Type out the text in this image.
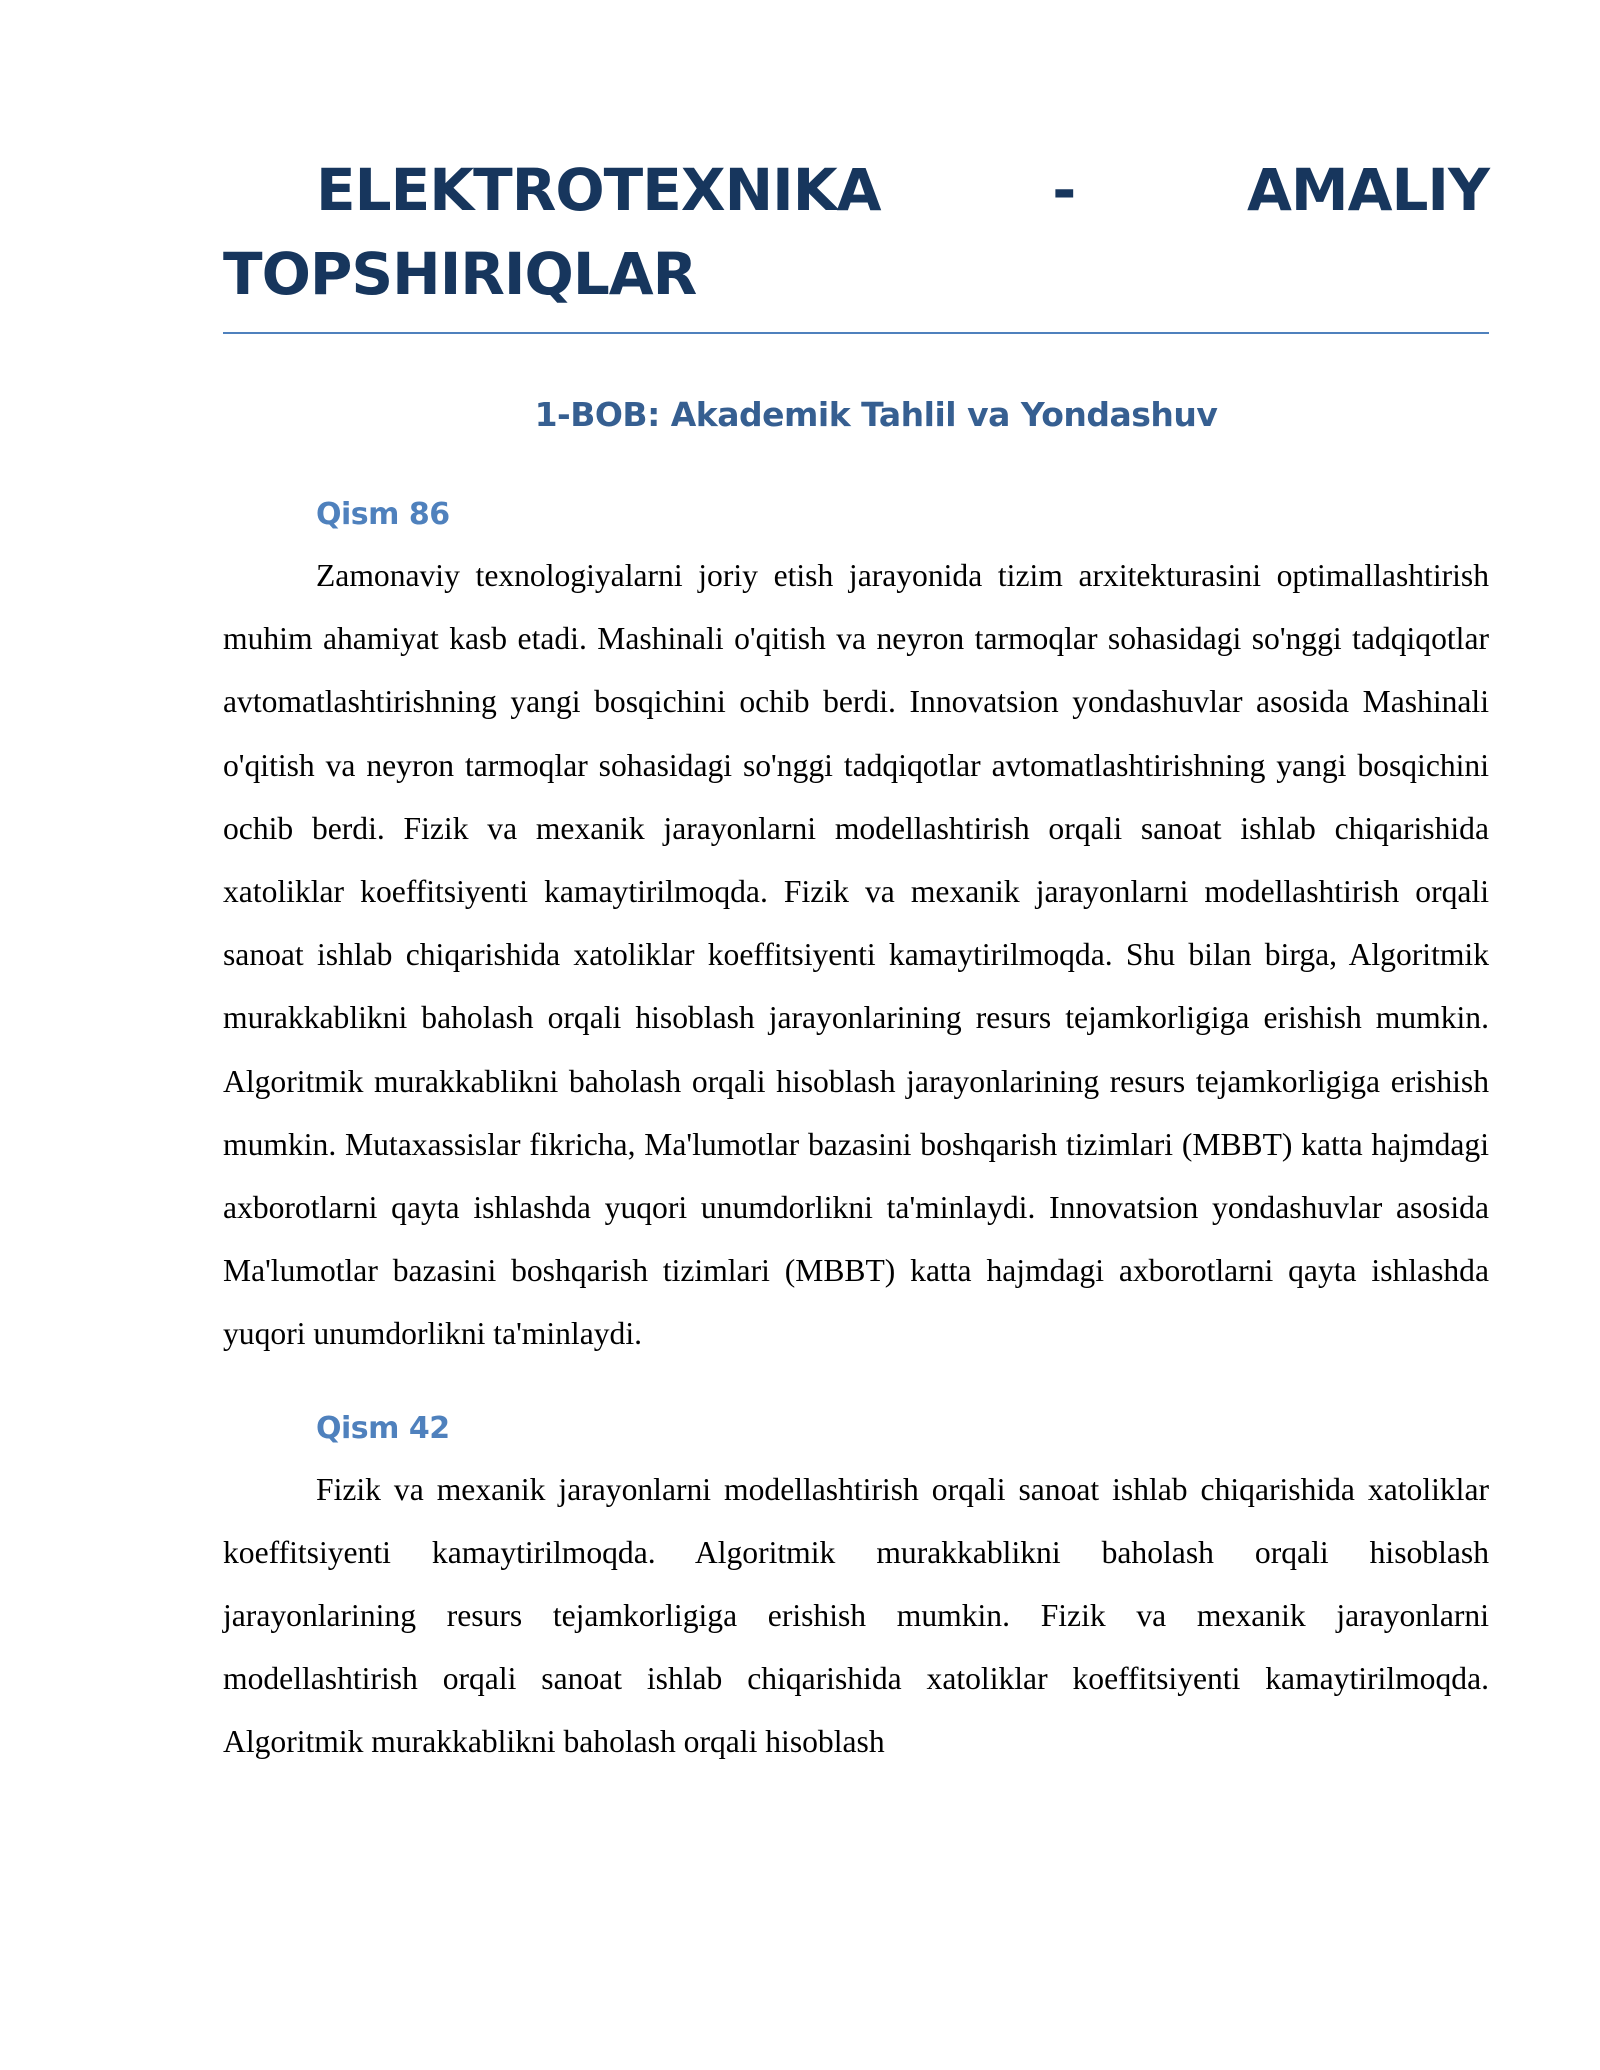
ELEKTROTEXNIKA - AMALIY TOPSHIRIQLAR
1-BOB: Akademik Tahlil va Yondashuv
Qism 86

Zamonaviy texnologiyalarni joriy etish jarayonida tizim arxitekturasini optimallashtirish muhim ahamiyat kasb etadi. Mashinali o'qitish va neyron tarmoqlar sohasidagi so'nggi tadqiqotlar avtomatlashtirishning yangi bosqichini ochib berdi. Innovatsion yondashuvlar asosida Mashinali o'qitish va neyron tarmoqlar sohasidagi so'nggi tadqiqotlar avtomatlashtirishning yangi bosqichini ochib berdi. Fizik va mexanik jarayonlarni modellashtirish orqali sanoat ishlab chiqarishida xatoliklar koeffitsiyenti kamaytirilmoqda. Fizik va mexanik jarayonlarni modellashtirish orqali sanoat ishlab chiqarishida xatoliklar koeffitsiyenti kamaytirilmoqda. Shu bilan birga, Algoritmik murakkablikni baholash orqali hisoblash jarayonlarining resurs tejamkorligiga erishish mumkin. Algoritmik murakkablikni baholash orqali hisoblash jarayonlarining resurs tejamkorligiga erishish mumkin. Mutaxassislar fikricha, Ma'lumotlar bazasini boshqarish tizimlari (MBBT) katta hajmdagi axborotlarni qayta ishlashda yuqori unumdorlikni ta'minlaydi. Innovatsion yondashuvlar asosida Ma'lumotlar bazasini boshqarish tizimlari (MBBT) katta hajmdagi axborotlarni qayta ishlashda yuqori unumdorlikni ta'minlaydi.

Qism 42

Fizik va mexanik jarayonlarni modellashtirish orqali sanoat ishlab chiqarishida xatoliklar koeffitsiyenti kamaytirilmoqda. Algoritmik murakkablikni baholash orqali hisoblash jarayonlarining resurs tejamkorligiga erishish mumkin. Fizik va mexanik jarayonlarni modellashtirish orqali sanoat ishlab chiqarishida xatoliklar koeffitsiyenti kamaytirilmoqda. Algoritmik murakkablikni baholash orqali hisoblash
